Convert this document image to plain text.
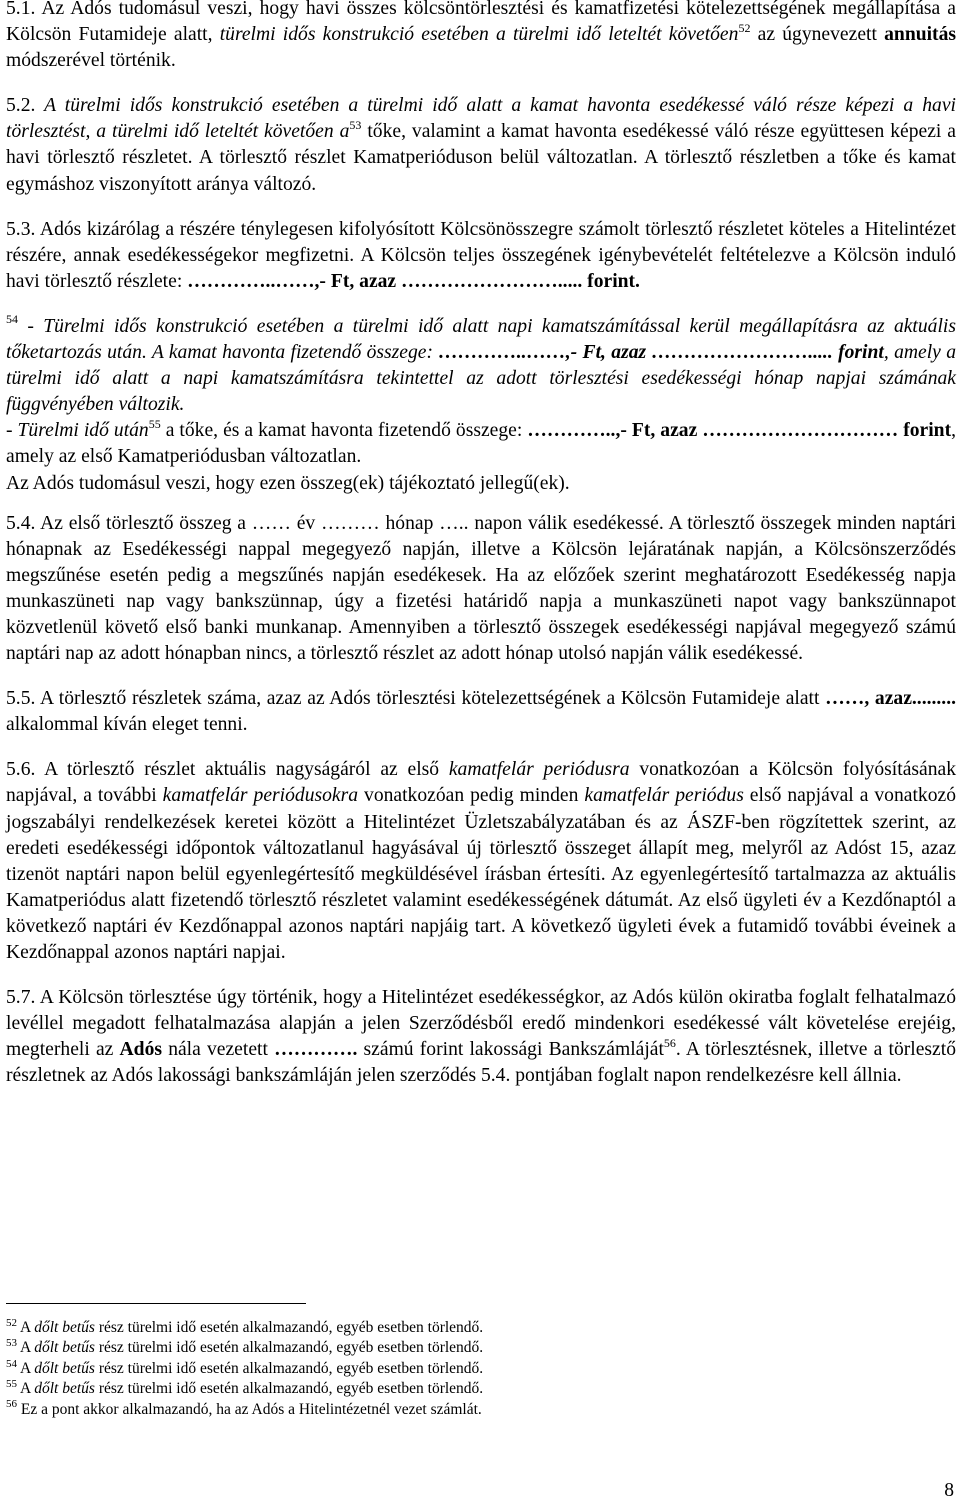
5.1. Az Adós tudomásul veszi, hogy havi összes kölcsöntörlesztési és kamatfizetési kötelezettségének megállapítása a Kölcsön Futamideje alatt, türelmi idős konstrukció esetében a türelmi idő leteltét követően$^{52}$ az úgynevezett annuitás módszerével történik.

5.2. A türelmi idős konstrukció esetében a türelmi idő alatt a kamat havonta esedékessé váló része képezi a havi törlesztést, a türelmi idő leteltét követően $a^{53}$ tőke, valamint a kamat havonta esedékessé váló része együttesen képezi a havi törlesztő részletet. A törlesztő részlet Kamatperióduson belül változatlan. A törlesztő részletben a tőke és kamat egymáshoz viszonyított aránya változó.

5.3. Adós kizárólag a részére ténylegesen kifolyósított Kölcsönösszegre számolt törlesztő részletet köteles a Hitelintézet részére, annak esedékességekor megfizetni. A Kölcsön teljes összegének igénybevételét feltételezve a Kölcsön induló havi törlesztő részlete: …………..……,- Ft, azaz ……………………..... forint.

$^{54}$ - Türelmi idős konstrukció esetében a türelmi idő alatt napi kamatszámítással kerül megállapításra az aktuális tőketartozás után. A kamat havonta fizetendő összege: …………..……,- Ft, azaz ……………………..... forint, amely a türelmi idő alatt a napi kamatszámításra tekintettel az adott törlesztési esedékességi hónap napjai számának függvényében változik.

- Türelmi idő után$^{55}$ a tőke, és a kamat havonta fizetendő összege: …………..,- Ft, azaz ………………………… forint, amely az első Kamatperiódusban változatlan.

Az Adós tudomásul veszi, hogy ezen összeg(ek) tájékoztató jellegű(ek).

5.4. Az első törlesztő összeg a …… év ……… hónap ….. napon válik esedékessé. A törlesztő összegek minden naptári hónapnak az Esedékességi nappal megegyező napján, illetve a Kölcsön lejáratának napján, a Kölcsönszerződés megszűnése esetén pedig a megszűnés napján esedékesek. Ha az előzőek szerint meghatározott Esedékesség napja munkaszüneti nap vagy bankszünnap, úgy a fizetési határidő napja a munkaszüneti napot vagy bankszünnapot közvetlenül követő első banki munkanap. Amennyiben a törlesztő összegek esedékességi napjával megegyező számú naptári nap az adott hónapban nincs, a törlesztő részlet az adott hónap utolsó napján válik esedékessé.

5.5. A törlesztő részletek száma, azaz az Adós törlesztési kötelezettségének a Kölcsön Futamideje alatt ……, azaz......... alkalommal kíván eleget tenni.

5.6. A törlesztő részlet aktuális nagyságáról az első kamatfelár periódusra vonatkozóan a Kölcsön folyósításának napjával, a további kamatfelár periódusokra vonatkozóan pedig minden kamatfelár periódus első napjával a vonatkozó jogszabályi rendelkezések keretei között a Hitelintézet Üzletszabályzatában és az ÁSZF-ben rögzítettek szerint, az eredeti esedékességi időpontok változatlanul hagyásával új törlesztő összeget állapít meg, melyről az Adóst 15, azaz tizenöt naptári napon belül egyenlegértesítő megküldésével írásban értesíti. Az egyenlegértesítő tartalmazza az aktuális Kamatperiódus alatt fizetendő törlesztő részletet valamint esedékességének dátumát. Az első ügyleti év a Kezdőnaptól a következő naptári év Kezdőnappal azonos naptári napjáig tart. A következő ügyleti évek a futamidő további éveinek a Kezdőnappal azonos naptári napjai.

5.7. A Kölcsön törlesztése úgy történik, hogy a Hitelintézet esedékességkor, az Adós külön okiratba foglalt felhatalmazó levéllel megadott felhatalmazása alapján a jelen Szerződésből eredő mindenkori esedékessé vált követelése erejéig, megterheli az Adós nála vezetett …………. számú forint lakossági Bankszámláját$^{56}$. A törlesztésnek, illetve a törlesztő részletnek az Adós lakossági bankszámláján jelen szerződés 5.4. pontjában foglalt napon rendelkezésre kell állnia.

$^{52}$ A dőlt betűs rész türelmi idő esetén alkalmazandó, egyéb esetben törlendő.

$^{53}$ A dőlt betűs rész türelmi idő esetén alkalmazandó, egyéb esetben törlendő.

$^{54}$ A dőlt betűs rész türelmi idő esetén alkalmazandó, egyéb esetben törlendő.

$^{55}$ A dőlt betűs rész türelmi idő esetén alkalmazandó, egyéb esetben törlendő.

$^{56}$ Ez a pont akkor alkalmazandó, ha az Adós a Hitelintézetnél vezet számlát.

8
